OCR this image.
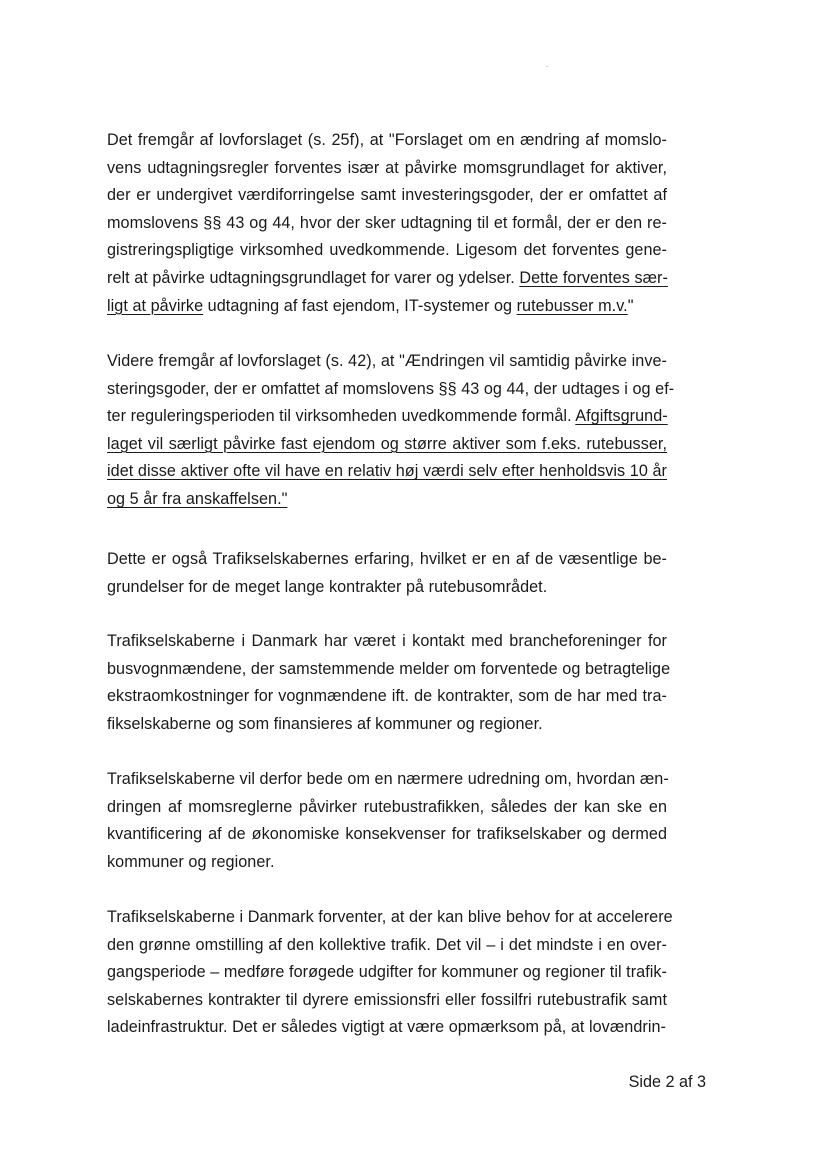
Det fremgår af lovforslaget (s. 25f), at "Forslaget om en ændring af momslo-
vens udtagningsregler forventes især at påvirke momsgrundlaget for aktiver,
der er undergivet værdiforringelse samt investeringsgoder, der er omfattet af
momslovens §§ 43 og 44, hvor der sker udtagning til et formål, der er den re-
gistreringspligtige virksomhed uvedkommende. Ligesom det forventes gene-
relt at påvirke udtagningsgrundlaget for varer og ydelser. Dette forventes sær-
ligt at påvirke udtagning af fast ejendom, IT-systemer og rutebusser m.v."
Videre fremgår af lovforslaget (s. 42), at "Ændringen vil samtidig påvirke inve-
steringsgoder, der er omfattet af momslovens §§ 43 og 44, der udtages i og ef-
ter reguleringsperioden til virksomheden uvedkommende formål. Afgiftsgrund-
laget vil særligt påvirke fast ejendom og større aktiver som f.eks. rutebusser,
idet disse aktiver ofte vil have en relativ høj værdi selv efter henholdsvis 10 år
og 5 år fra anskaffelsen."
Dette er også Trafikselskabernes erfaring, hvilket er en af de væsentlige be-
grundelser for de meget lange kontrakter på rutebusområdet.
Trafikselskaberne i Danmark har været i kontakt med brancheforeninger for
busvognmændene, der samstemmende melder om forventede og betragtelige
ekstraomkostninger for vognmændene ift. de kontrakter, som de har med tra-
fikselskaberne og som finansieres af kommuner og regioner.
Trafikselskaberne vil derfor bede om en nærmere udredning om, hvordan æn-
dringen af momsreglerne påvirker rutebustrafikken, således der kan ske en
kvantificering af de økonomiske konsekvenser for trafikselskaber og dermed
kommuner og regioner.
Trafikselskaberne i Danmark forventer, at der kan blive behov for at accelerere
den grønne omstilling af den kollektive trafik. Det vil – i det mindste i en over-
gangsperiode – medføre forøgede udgifter for kommuner og regioner til trafik-
selskabernes kontrakter til dyrere emissionsfri eller fossilfri rutebustrafik samt
ladeinfrastruktur. Det er således vigtigt at være opmærksom på, at lovændrin-
Side 2 af 3
